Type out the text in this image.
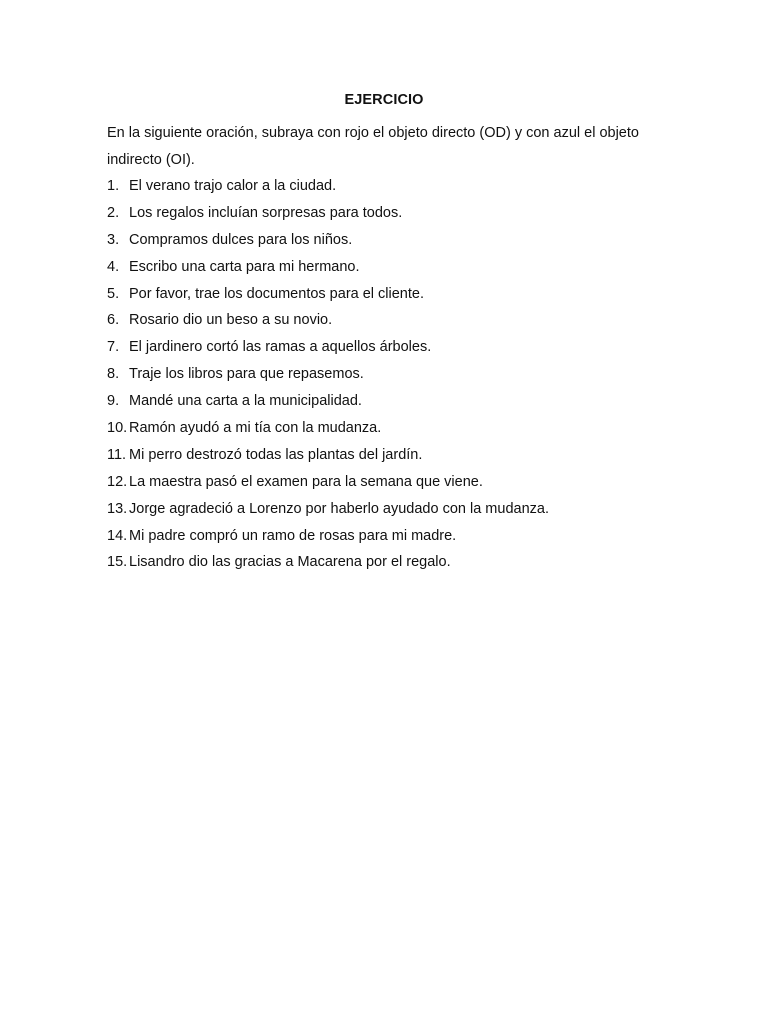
EJERCICIO
En la siguiente oración, subraya con rojo el objeto directo (OD) y con azul el objeto indirecto (OI).
1. El verano trajo calor a la ciudad.
2. Los regalos incluían sorpresas para todos.
3. Compramos dulces para los niños.
4. Escribo una carta para mi hermano.
5. Por favor, trae los documentos para el cliente.
6. Rosario dio un beso a su novio.
7. El jardinero cortó las ramas a aquellos árboles.
8. Traje los libros para que repasemos.
9. Mandé una carta a la municipalidad.
10. Ramón ayudó a mi tía con la mudanza.
11. Mi perro destrozó todas las plantas del jardín.
12. La maestra pasó el examen para la semana que viene.
13. Jorge agradeció a Lorenzo por haberlo ayudado con la mudanza.
14. Mi padre compró un ramo de rosas para mi madre.
15. Lisandro dio las gracias a Macarena por el regalo.
